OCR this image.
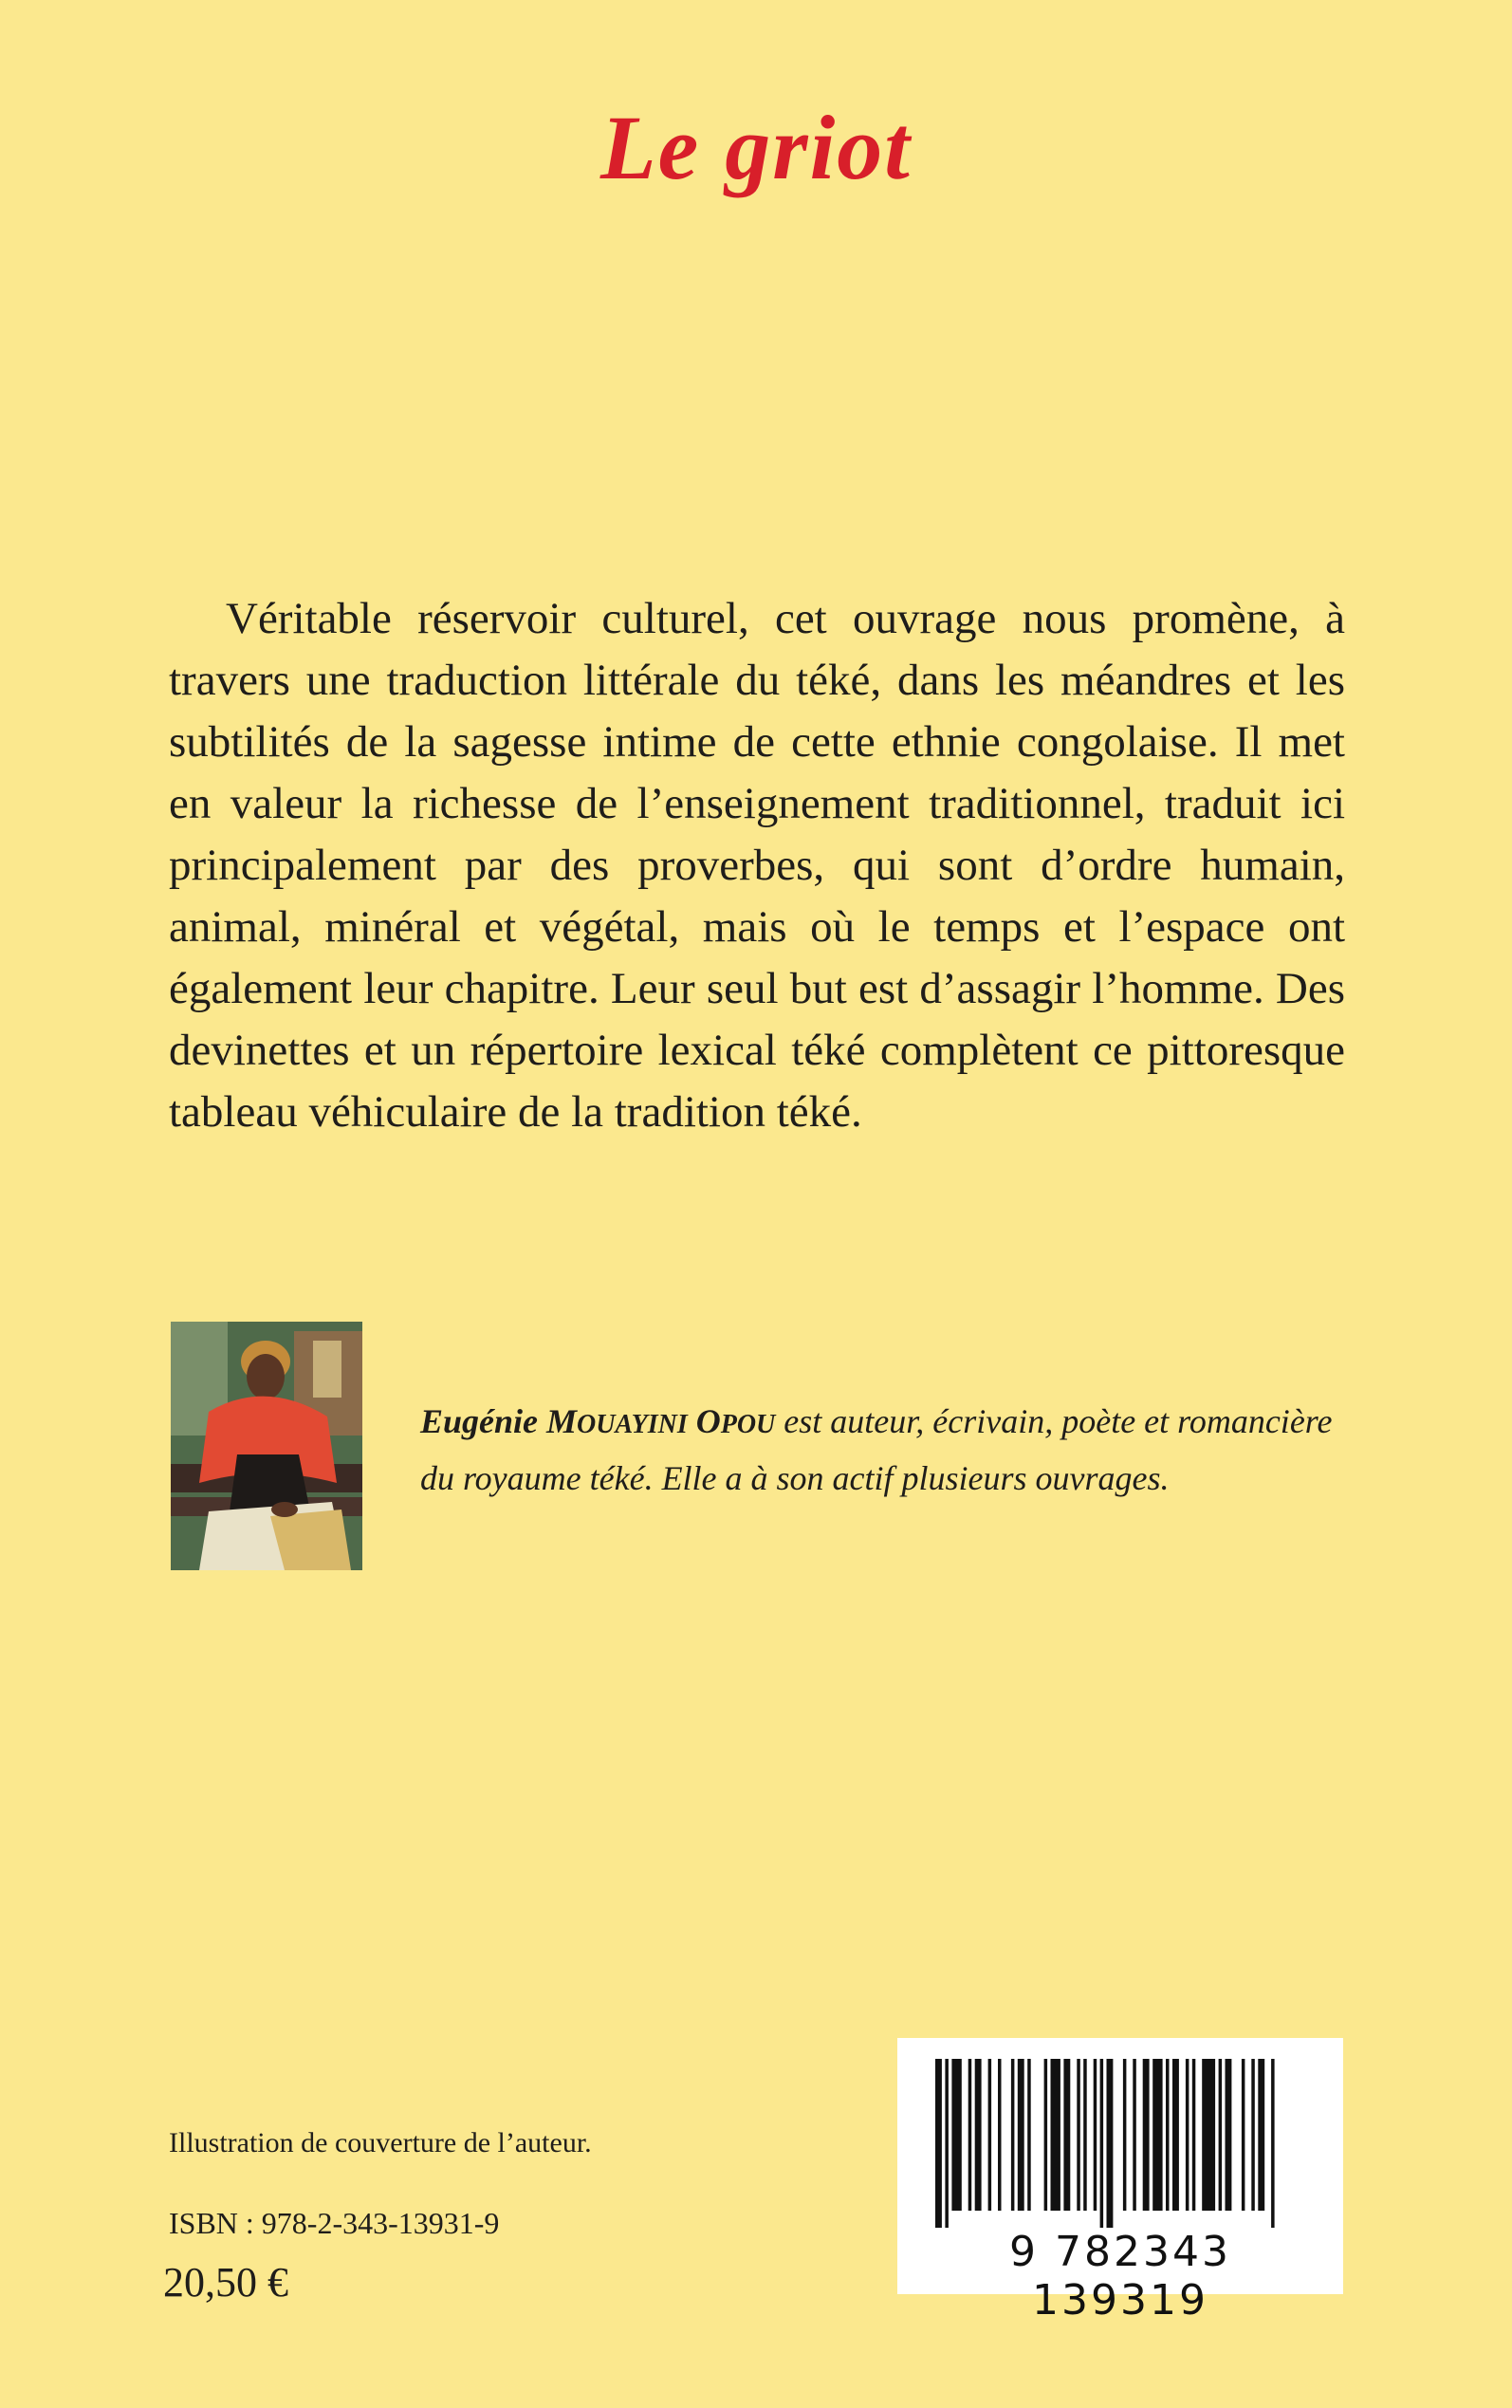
Le griot

Véritable réservoir culturel, cet ouvrage nous promène, à travers une traduction littérale du téké, dans les méandres et les subtilités de la sagesse intime de cette ethnie congolaise. Il met en valeur la richesse de l’enseignement traditionnel, traduit ici principalement par des proverbes, qui sont d’ordre humain, animal, minéral et végétal, mais où le temps et l’espace ont également leur chapitre. Leur seul but est d’assagir l’homme. Des devinettes et un répertoire lexical téké complètent ce pittoresque tableau véhiculaire de la tradition téké.

Eugénie MOUAYINI OPOU est auteur, écrivain, poète et romancière du royaume téké. Elle a à son actif plusieurs ouvrages.

Illustration de couverture de l’auteur.

ISBN : 978-2-343-13931-9

20,50 €

9 782343 139319
